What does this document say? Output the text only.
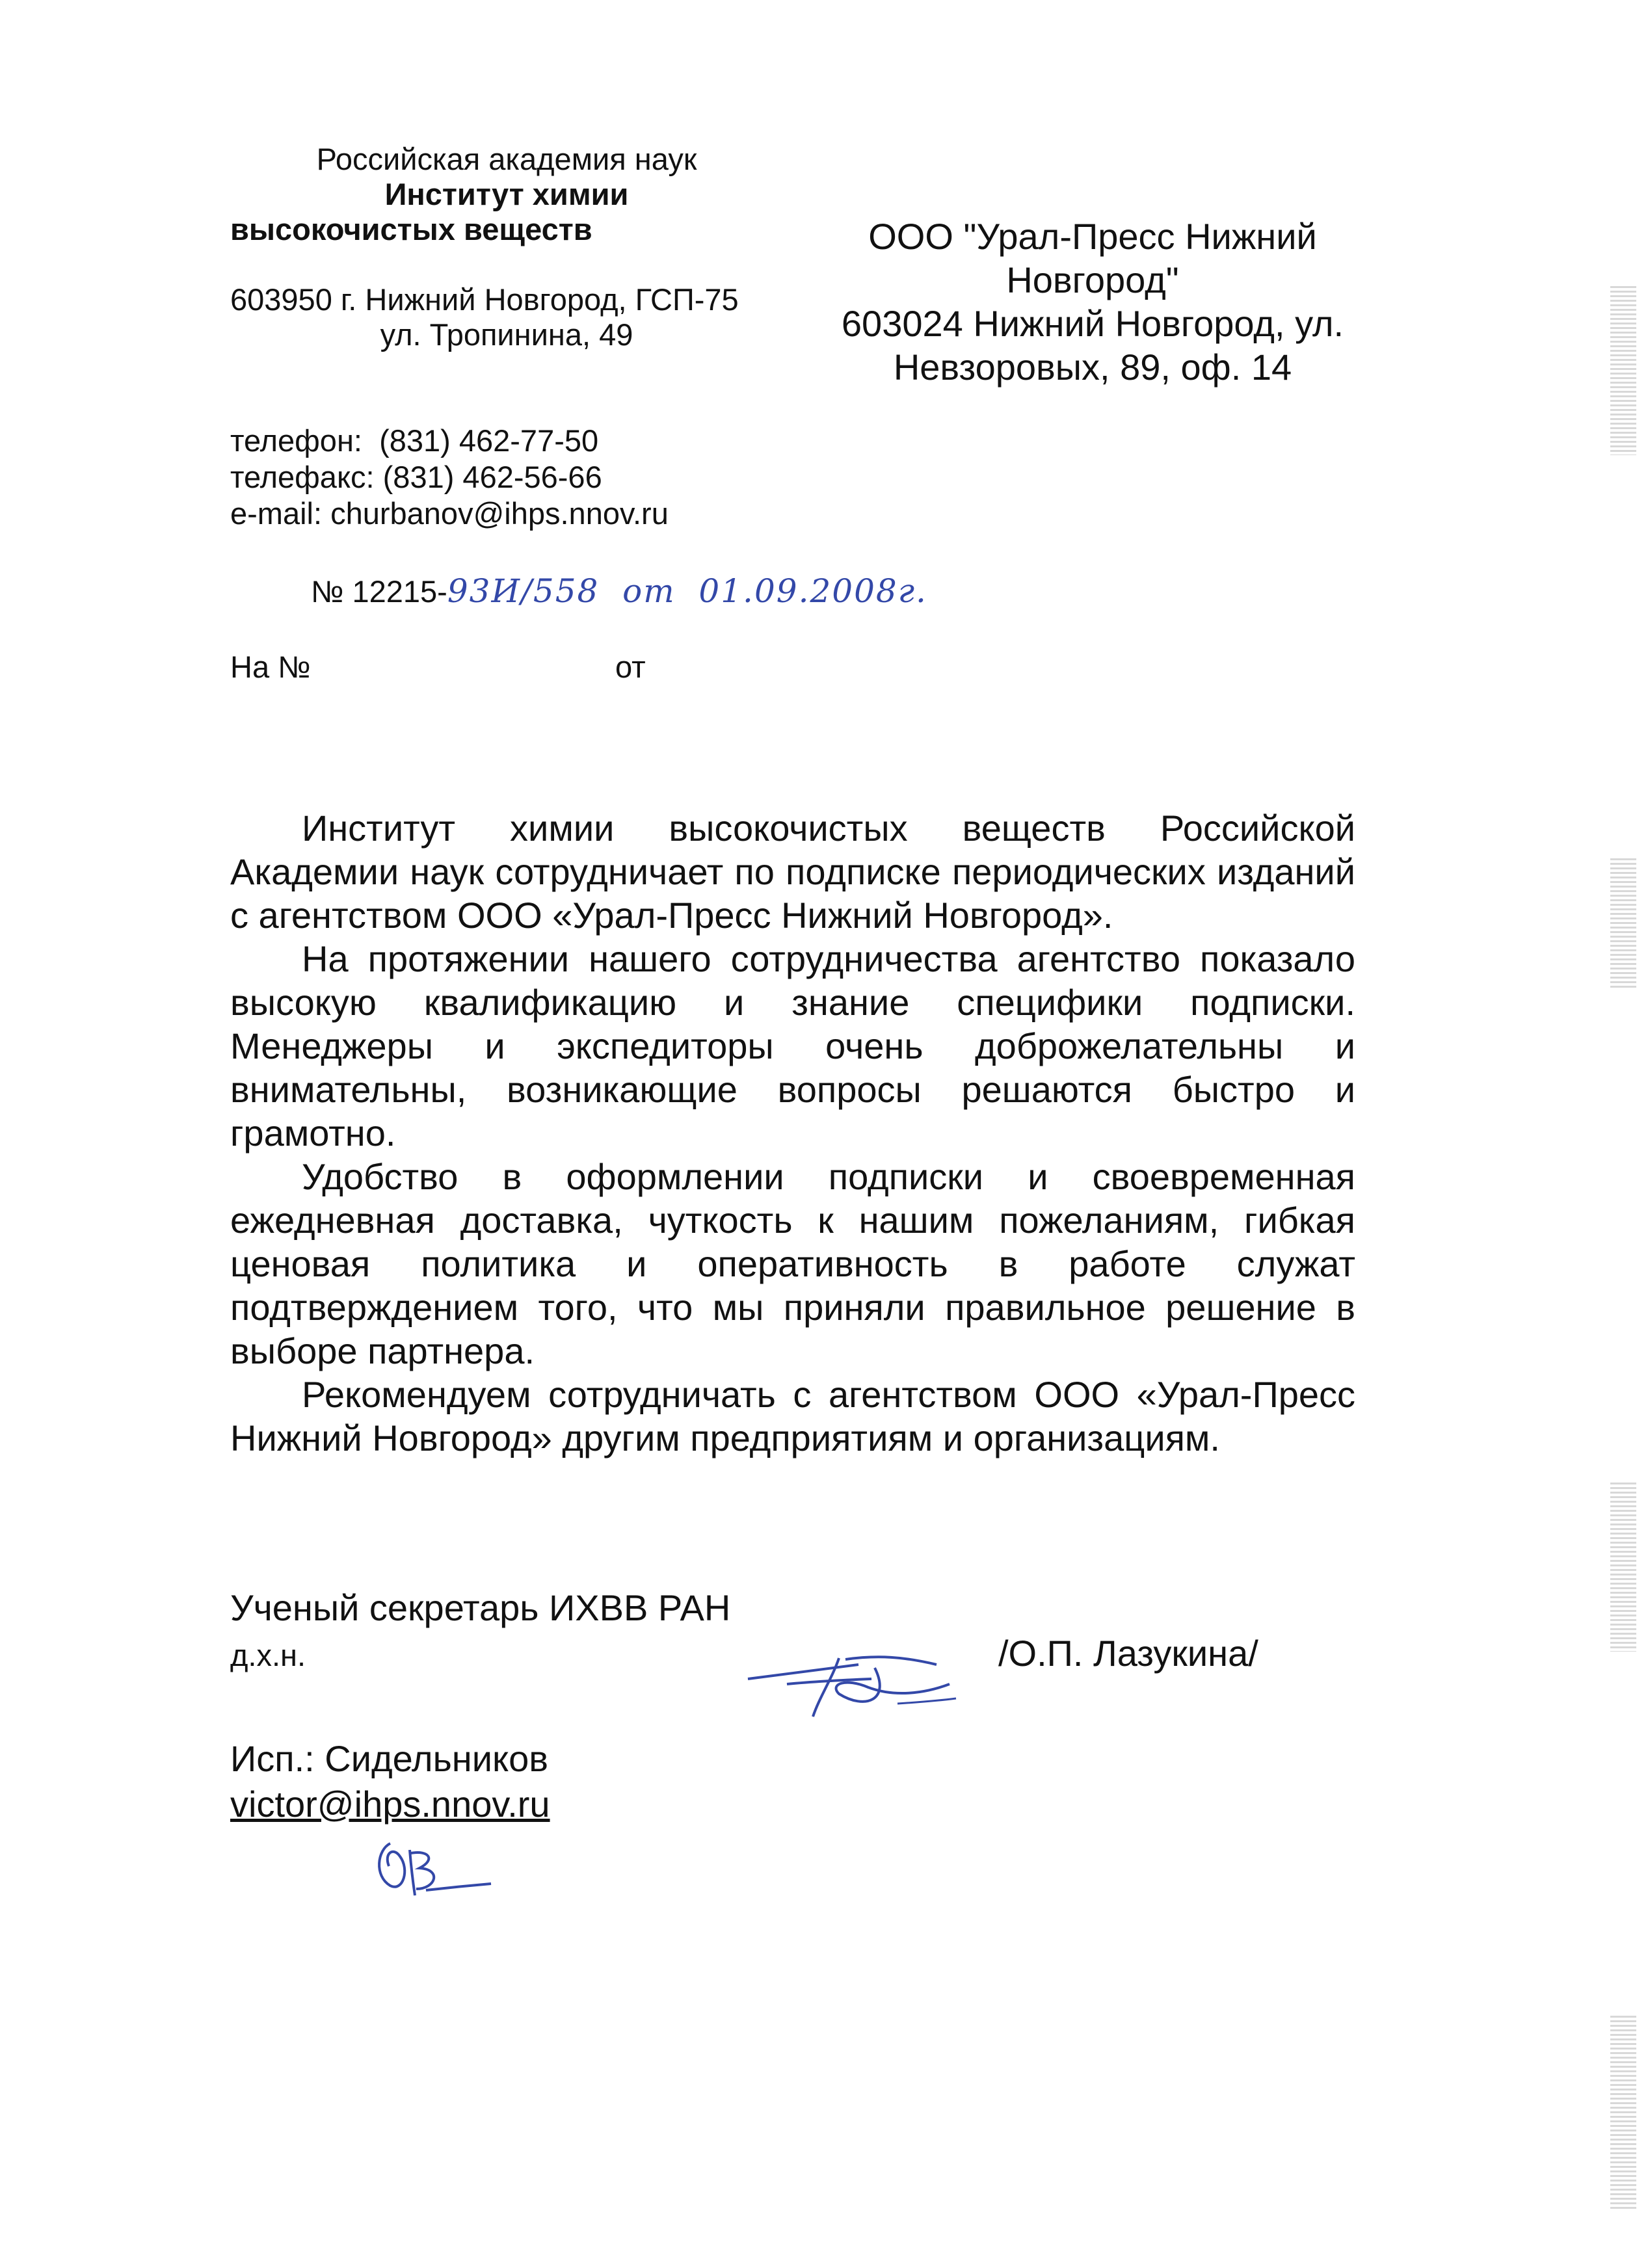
Российская академия наук
Институт химии
высокочистых веществ
603950 г. Нижний Новгород, ГСП-75
ул. Тропинина, 49
ООО "Урал-Пресс Нижний
Новгород"
603024 Нижний Новгород, ул.
Невзоровых, 89, оф. 14
телефон:  (831) 462-77-50
телефакс: (831) 462-56-66
e-mail: churbanov@ihps.nnov.ru
№ 12215-93И/558  от  01.09.2008г.
На №	от

Институт химии высокочистых веществ Российской Академии наук сотрудничает по подписке периодических изданий с агентством ООО «Урал-Пресс Нижний Новгород».

На протяжении нашего сотрудничества агентство показало высокую квалификацию и знание специфики подписки. Менеджеры и экспедиторы очень доброжелательны и внимательны, возникающие вопросы решаются быстро и грамотно.

Удобство в оформлении подписки и своевременная ежедневная доставка, чуткость к нашим пожеланиям, гибкая ценовая политика и оперативность в работе служат подтверждением того, что мы приняли правильное решение в выборе партнера.

Рекомендуем сотрудничать с агентством ООО «Урал-Пресс Нижний Новгород» другим предприятиям и организациям.

Ученый секретарь ИХВВ РАН
д.х.н.	/О.П. Лазукина/
Исп.: Сидельников
victor@ihps.nnov.ru
